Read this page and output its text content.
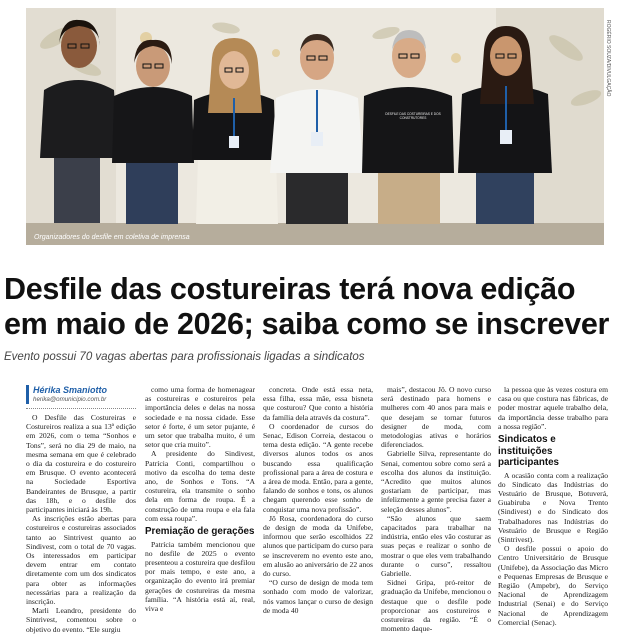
DESFILE DAS COSTUREIRAS E DOS CONSTRUTORES
Organizadores do desfile em coletiva de imprensa
ROGÉRIO SOUZA/DIVULGAÇÃO
Desfile das costureiras terá nova edição
em maio de 2026; saiba como se inscrever
Evento possui 70 vagas abertas para profissionais ligadas a sindicatos
Hérika Smaniotto
herika@omunicipio.com.br

O Desfile das Costureiras e Costureiros realiza a sua 13ª edição em 2026, com o tema “Sonhos e Tons”, será no dia 29 de maio, na mesma semana em que é celebrado o dia da costureira e do costureiro em Brusque. O evento acontecerá na Sociedade Esportiva Bandeirantes de Brusque, a partir das 18h, e o desfile dos participantes iniciará às 19h.

As inscrições estão abertas para costureiros e costureiras associados tanto ao Sintrivest quanto ao Sindivest, com o total de 70 vagas. Os interessados em participar devem entrar em contato diretamente com um dos sindicatos para obter as informações necessárias para a realização da inscrição.

Marli Leandro, presidente do Sintrivest, comentou sobre o objetivo do evento. “Ele surgiu

como uma forma de homenagear as costureiras e costureiros pela importância deles e delas na nossa sociedade e na nossa cidade. Esse setor é forte, é um setor pujante, é um setor que trabalha muito, é um setor que cria muito”.

A presidente do Sindivest, Patrícia Conti, compartilhou o motivo da escolha do tema deste ano, de Sonhos e Tons. “A costureira, ela transmite o sonho dela em forma de roupa. É a construção de uma roupa e ela fala com essa roupa”.

Premiação de gerações

Patrícia também mencionou que no desfile de 2025 o evento presenteou a costureira que desfilou por mais tempo, e este ano, a organização do evento irá premiar gerações de costureiras da mesma família. “A história está aí, real, viva e

concreta. Onde está essa neta, essa filha, essa mãe, essa bisneta que costurou? Que conto a história da família dela através da costura”.

O coordenador de cursos do Senac, Edison Correia, destacou o tema desta edição. “A gente recebe diversos alunos todos os anos buscando essa qualificação profissional para a área de costura e a área de moda. Então, para a gente, falando de sonhos e tons, os alunos chegam querendo esse sonho de conquistar uma nova profissão”.

Jô Rosa, coordenadora do curso de design de moda da Unifebe, informou que serão escolhidos 22 alunos que participam do curso para se inscreverem no evento este ano, em alusão ao aniversário de 22 anos do curso.

“O curso de design de moda tem sonhado com modo de valorizar, nós vamos lançar o curso de design de moda 40

mais”, destacou Jô. O novo curso será destinado para homens e mulheres com 40 anos para mais e que desejam se tornar futuros designer de moda, com metodologias ativas e horários diferenciados.

Gabrielle Silva, representante do Senai, comentou sobre como será a escolha dos alunos da instituição. “Acredito que muitos alunos gostariam de participar, mas infelizmente a gente precisa fazer a seleção desses alunos”.

“São alunos que saem capacitados para trabalhar na indústria, então eles vão costurar as suas peças e realizar o sonho de mostrar o que eles vem trabalhando durante o curso”, ressaltou Gabrielle.

Sidnei Grípa, pró-reitor de graduação da Unifebe, mencionou o destaque que o desfile pode proporcionar aos costureiros e costureiras da região. “É o momento daque-

la pessoa que às vezes costura em casa ou que costura nas fábricas, de poder mostrar aquele trabalho dela, da importância desse trabalho para a nossa região”.

Sindicatos e instituições participantes

A ocasião conta com a realização do Sindicato das Indústrias do Vestuário de Brusque, Botuverá, Guabiruba e Nova Trento (Sindivest) e do Sindicato dos Trabalhadores nas Indústrias do Vestuário de Brusque e Região (Sintrivest).

O desfile possui o apoio do Centro Universitário de Brusque (Unifebe), da Associação das Micro e Pequenas Empresas de Brusque e Região (Ampebr), do Serviço Nacional de Aprendizagem Industrial (Senai) e do Serviço Nacional de Aprendizagem Comercial (Senac).
